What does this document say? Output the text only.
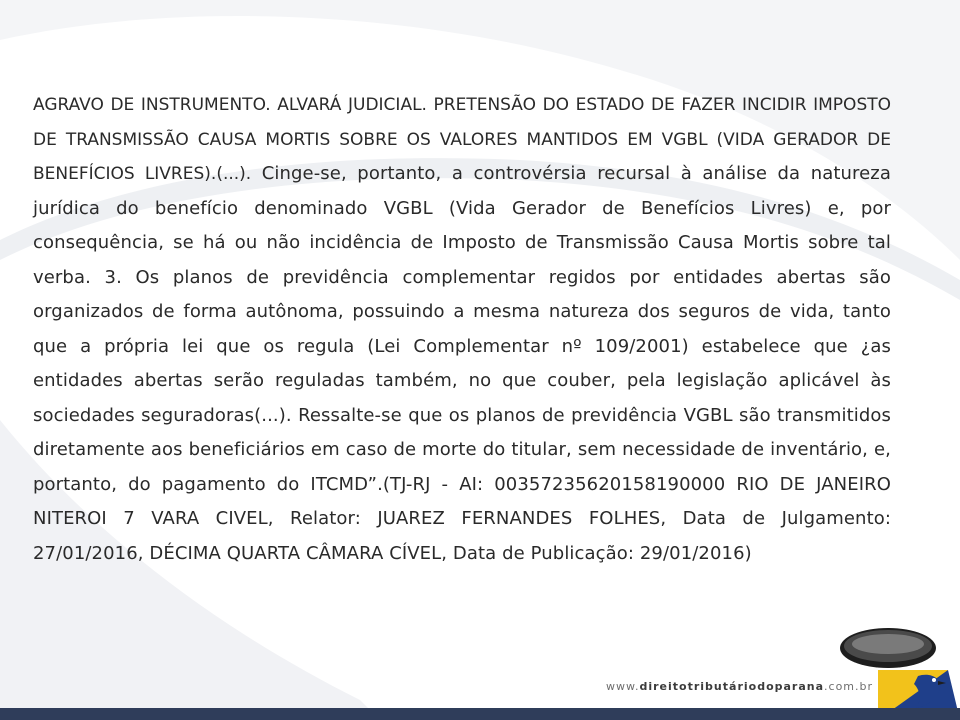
AGRAVO DE INSTRUMENTO. ALVARÁ JUDICIAL. PRETENSÃO DO ESTADO DE FAZER INCIDIR IMPOSTO DE TRANSMISSÃO CAUSA MORTIS SOBRE OS VALORES MANTIDOS EM VGBL (VIDA GERADOR DE BENEFÍCIOS LIVRES).(...). Cinge-se, portanto, a controvérsia recursal à análise da natureza jurídica do benefício denominado VGBL (Vida Gerador de Benefícios Livres) e, por consequência, se há ou não incidência de Imposto de Transmissão Causa Mortis sobre tal verba. 3. Os planos de previdência complementar regidos por entidades abertas são organizados de forma autônoma, possuindo a mesma natureza dos seguros de vida, tanto que a própria lei que os regula (Lei Complementar nº 109/2001) estabelece que ¿as entidades abertas serão reguladas também, no que couber, pela legislação aplicável às sociedades seguradoras(...). Ressalte-se que os planos de previdência VGBL são transmitidos diretamente aos beneficiários em caso de morte do titular, sem necessidade de inventário, e, portanto, do pagamento do ITCMD”.(TJ-RJ - AI: 00357235620158190000 RIO DE JANEIRO NITEROI 7 VARA CIVEL, Relator: JUAREZ FERNANDES FOLHES, Data de Julgamento: 27/01/2016, DÉCIMA QUARTA CÂMARA CÍVEL, Data de Publicação: 29/01/2016)

www.direitotributáriodoparana.com.br
